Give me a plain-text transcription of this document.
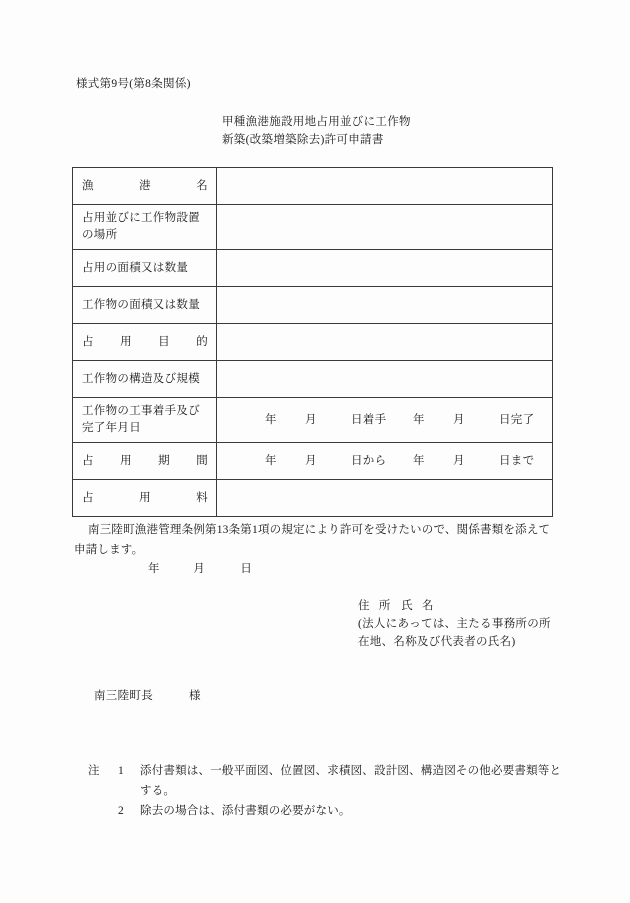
様式第9号(第8条関係)
甲種漁港施設用地占用並びに工作物
新築(改築増築除去)許可申請書
漁 港 名	

占用並びに工作物設置の場所	

占用の面積又は数量	

工作物の面積又は数量	

占 用 目 的	

工作物の構造及び規模	

工作物の工事着手及び完了年月日	年 月 日着手 年 月 日完了

占 用 期 間	年 月 日から 年 月 日まで

占 用 料	

南三陸町漁港管理条例第13条第1項の規定により許可を受けたいので、関係書類を添えて申請します。
年	月	日
住 所 氏 名
(法人にあっては、主たる事務所の所
在地、名称及び代表者の氏名)
南三陸町長	様
注 1 添付書類は、一般平面図、位置図、求積図、設計図、構造図その他必要書類等とする。
2 除去の場合は、添付書類の必要がない。
